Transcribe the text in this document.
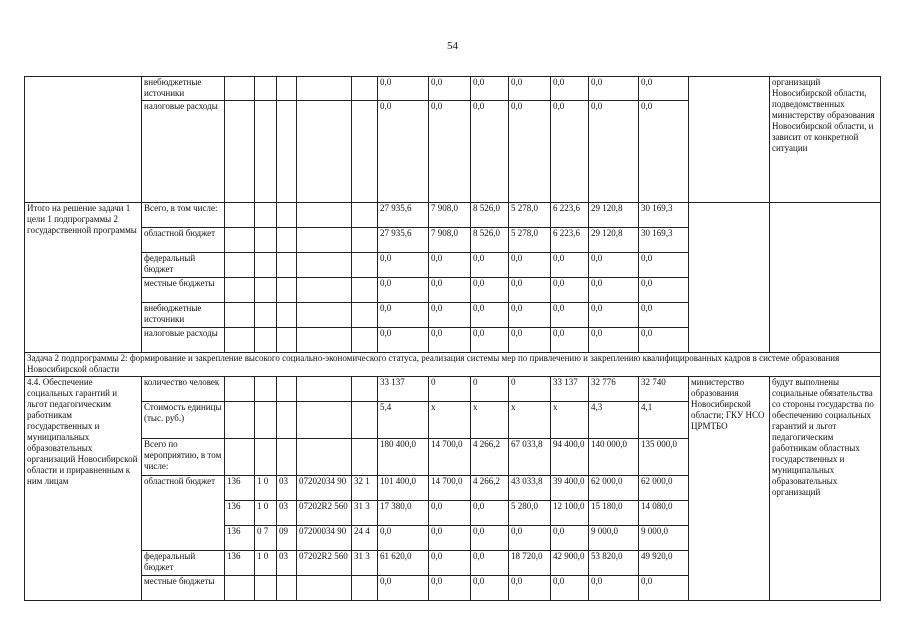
54
	внебюджетные источники						0,0	0,0	0,0	0,0	0,0	0,0	0,0		организаций Новосибирской области, подведомственных министерству образования Новосибирской области, и зависит от конкретной ситуации
	налоговые расходы						0,0	0,0	0,0	0,0	0,0	0,0	0,0		
Итого на решение задачи 1 цели 1 подпрограммы 2 государственной программы	Всего, в том числе:						27 935,6	7 908,0	8 526,0	5 278,0	6 223,6	29 120,8	30 169,3		
	областной бюджет						27 935,6	7 908,0	8 526,0	5 278,0	6 223,6	29 120,8	30 169,3		
	федеральный бюджет						0,0	0,0	0,0	0,0	0,0	0,0	0,0		
	местные бюджеты						0,0	0,0	0,0	0,0	0,0	0,0	0,0		
	внебюджетные источники						0,0	0,0	0,0	0,0	0,0	0,0	0,0		
	налоговые расходы						0,0	0,0	0,0	0,0	0,0	0,0	0,0		
Задача 2 подпрограммы 2: формирование и закрепление высокого социально-экономического статуса, реализация системы мер по привлечению и закреплению квалифицированных кадров в системе образования Новосибирской области															
4.4. Обеспечение социальных гарантий и льгот педагогическим работникам государственных и муниципальных образовательных организаций Новосибирской области и приравненным к ним лицам	количество человек						33 137	0	0	0	33 137	32 776	32 740	министерство образования Новосибирской области; ГКУ НСО ЦРМТБО	будут выполнены социальные обязательства со стороны государства по обеспечению социальных гарантий и льгот педагогическим работникам областных государственных и муниципальных образовательных организаций
	Стоимость единицы (тыс. руб.)						5,4	х	х	х	х	4,3	4,1		
	Всего по мероприятию, в том числе:						180 400,0	14 700,0	4 266,2	67 033,8	94 400,0	140 000,0	135 000,0		
	областной бюджет	136	1 0	03	07202034 90	32 1	101 400,0	14 700,0	4 266,2	43 033,8	39 400,0	62 000,0	62 000,0		
		136	1 0	03	07202R2 560	31 3	17 380,0	0,0	0,0	5 280,0	12 100,0	15 180,0	14 080,0		
		136	0 7	09	07200034 90	24 4	0,0	0,0	0,0	0,0	0,0	9 000,0	9 000,0		
	федеральный бюджет	136	1 0	03	07202R2 560	31 3	61 620,0	0,0	0,0	18 720,0	42 900,0	53 820,0	49 920,0		
	местные бюджеты						0,0	0,0	0,0	0,0	0,0	0,0	0,0		
